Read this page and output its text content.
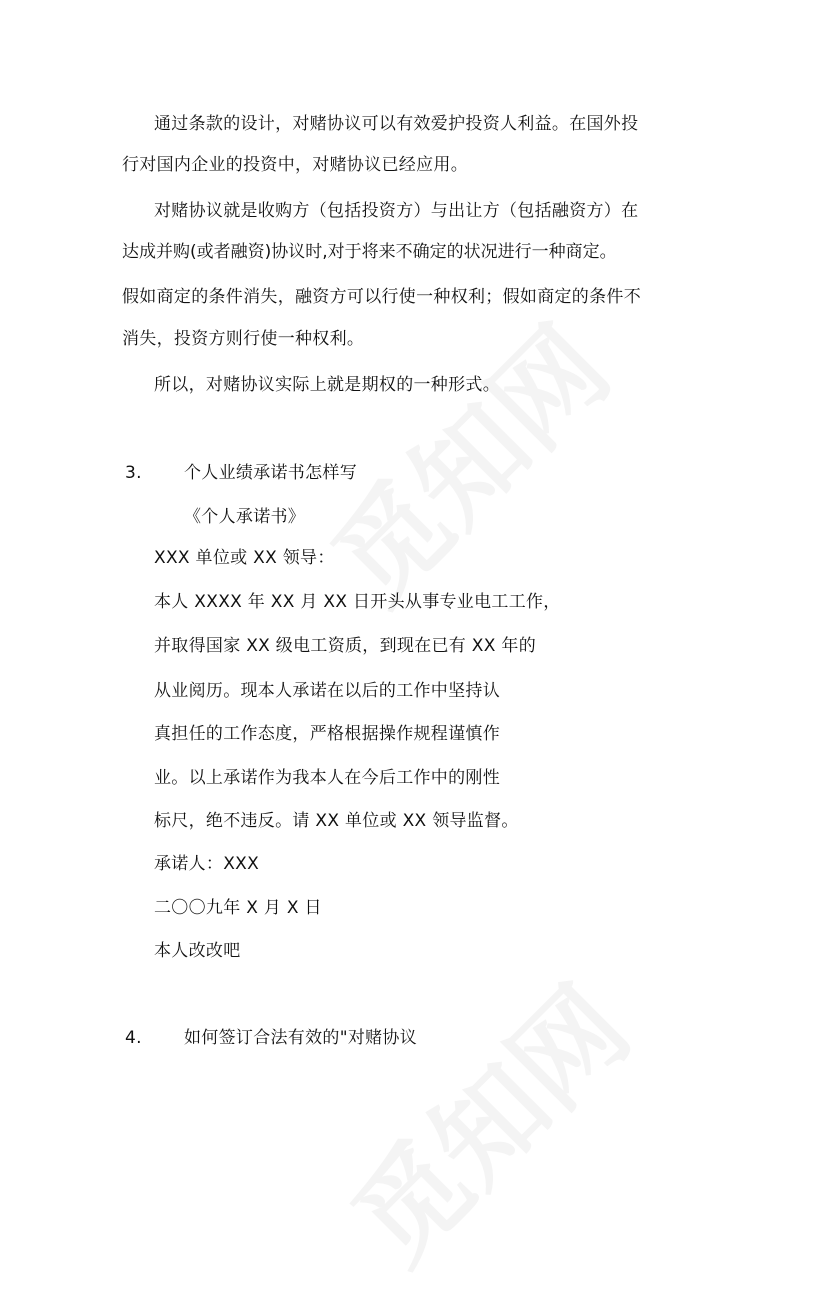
通过条款的设计，对赌协议可以有效爱护投资人利益。在国外投
行对国内企业的投资中，对赌协议已经应用。
对赌协议就是收购方（包括投资方）与出让方（包括融资方）在
达成并购(或者融资)协议时,对于将来不确定的状况进行一种商定。
假如商定的条件消失，融资方可以行使一种权利；假如商定的条件不
消失，投资方则行使一种权利。
所以，对赌协议实际上就是期权的一种形式。
3. 个人业绩承诺书怎样写
《个人承诺书》
XXX 单位或 XX 领导：
本人 XXXX 年 XX 月 XX 日开头从事专业电工工作，
并取得国家 XX 级电工资质，到现在已有 XX 年的
从业阅历。现本人承诺在以后的工作中坚持认
真担任的工作态度，严格根据操作规程谨慎作
业。以上承诺作为我本人在今后工作中的刚性
标尺，绝不违反。请 XX 单位或 XX 领导监督。
承诺人：XXX
二〇〇九年 X 月 X 日
本人改改吧
4. 如何签订合法有效的"对赌协议
